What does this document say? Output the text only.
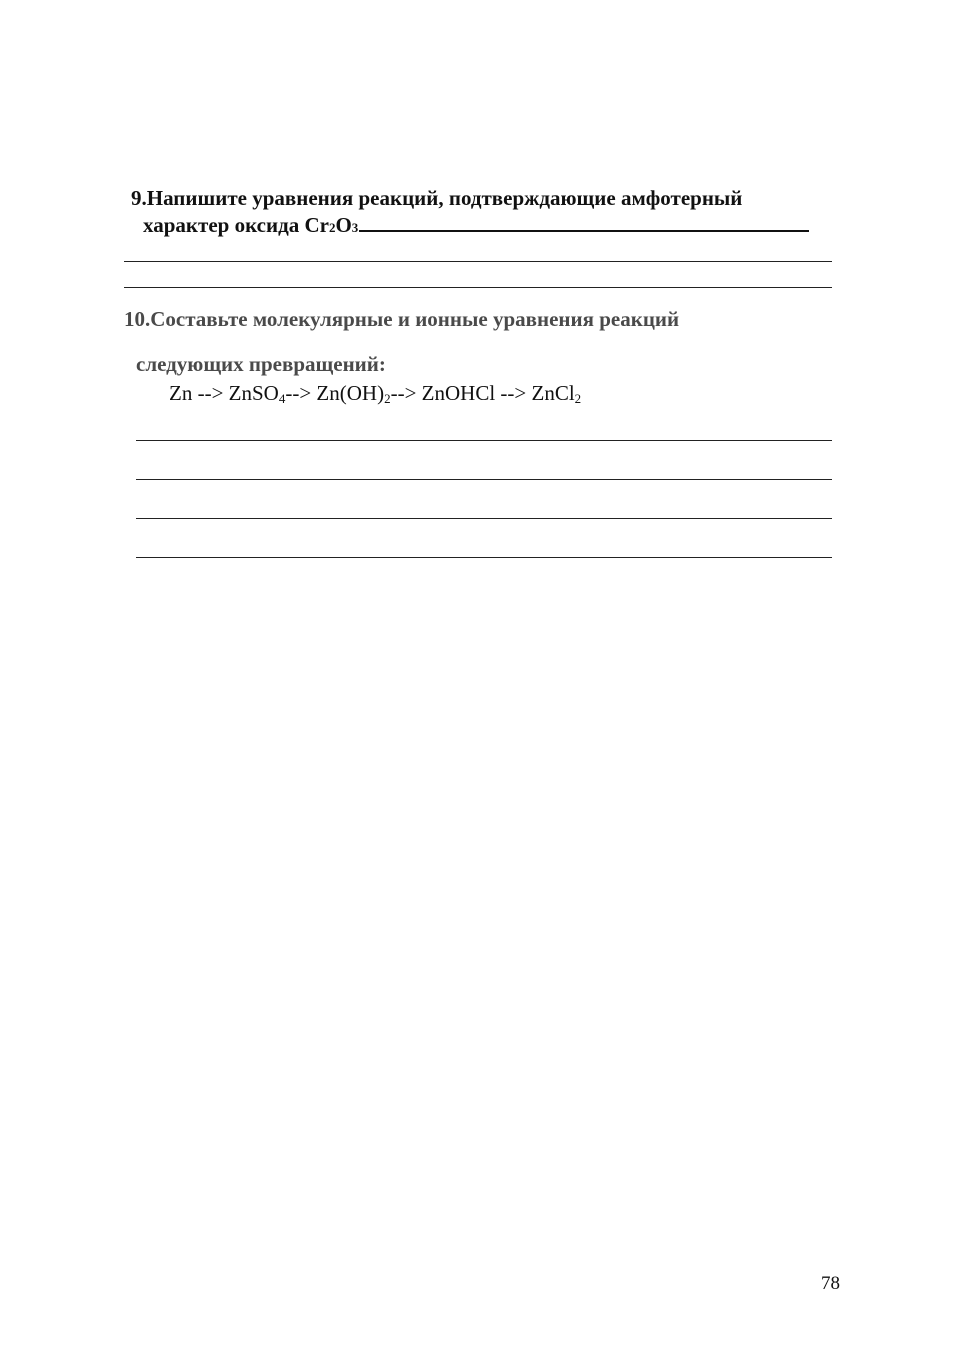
9.Напишите уравнения реакций, подтверждающие амфотерный
характер оксида Cr 2 O 3
10.Составьте молекулярные и ионные уравнения реакций
следующих превращений:
Zn --> ZnSO$_4$--> $Zn(OH)_2-->$ ZnOHCl --> ZnCl$_2$
78
